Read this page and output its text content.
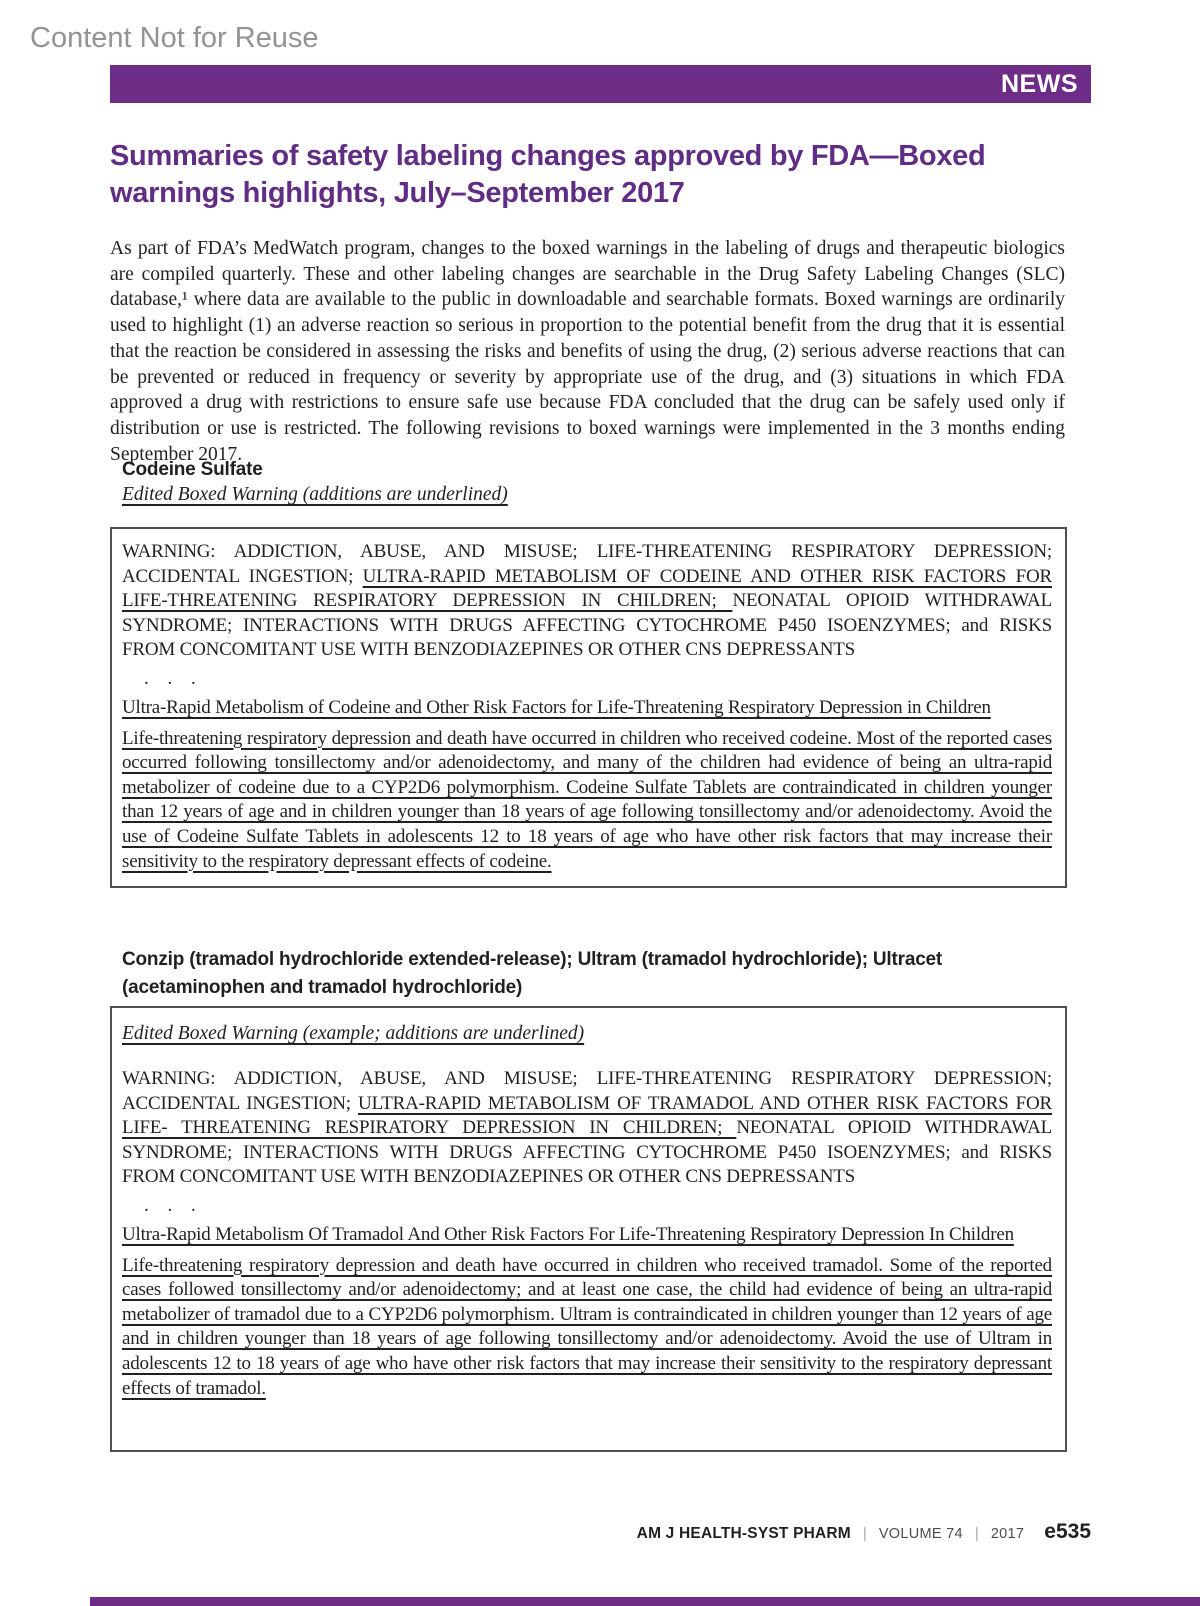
Content Not for Reuse
NEWS
Summaries of safety labeling changes approved by FDA—Boxed
warnings highlights, July–September 2017

As part of FDA’s MedWatch program, changes to the boxed warnings in the labeling of drugs and therapeutic biologics are compiled quarterly. These and other labeling changes are searchable in the Drug Safety Labeling Changes (SLC) database,¹ where data are available to the public in downloadable and searchable formats. Boxed warnings are ordinarily used to highlight (1) an adverse reaction so serious in proportion to the potential benefit from the drug that it is essential that the reaction be considered in assessing the risks and benefits of using the drug, (2) serious adverse reactions that can be prevented or reduced in frequency or severity by appropriate use of the drug, and (3) situations in which FDA approved a drug with restrictions to ensure safe use because FDA concluded that the drug can be safely used only if distribution or use is restricted. The following revisions to boxed warnings were implemented in the 3 months ending September 2017.

Codeine Sulfate

Edited Boxed Warning (additions are underlined)

WARNING: ADDICTION, ABUSE, AND MISUSE; LIFE-THREATENING RESPIRATORY DEPRESSION; ACCIDENTAL INGESTION; ULTRA-RAPID METABOLISM OF CODEINE AND OTHER RISK FACTORS FOR LIFE-THREATENING RESPIRATORY DEPRESSION IN CHILDREN; NEONATAL OPIOID WITHDRAWAL SYNDROME; INTERACTIONS WITH DRUGS AFFECTING CYTOCHROME P450 ISOENZYMES; and RISKS FROM CONCOMITANT USE WITH BENZODIAZEPINES OR OTHER CNS DEPRESSANTS

. . .

Ultra-Rapid Metabolism of Codeine and Other Risk Factors for Life-Threatening Respiratory Depression in Children

Life-threatening respiratory depression and death have occurred in children who received codeine. Most of the reported cases occurred following tonsillectomy and/or adenoidectomy, and many of the children had evidence of being an ultra-rapid metabolizer of codeine due to a CYP2D6 polymorphism. Codeine Sulfate Tablets are contraindicated in children younger than 12 years of age and in children younger than 18 years of age following tonsillectomy and/or adenoidectomy. Avoid the use of Codeine Sulfate Tablets in adolescents 12 to 18 years of age who have other risk factors that may increase their sensitivity to the respiratory depressant effects of codeine.

Conzip (tramadol hydrochloride extended-release); Ultram (tramadol hydrochloride); Ultracet (acetaminophen and tramadol hydrochloride)

Edited Boxed Warning (example; additions are underlined)

WARNING: ADDICTION, ABUSE, AND MISUSE; LIFE-THREATENING RESPIRATORY DEPRESSION; ACCIDENTAL INGESTION; ULTRA-RAPID METABOLISM OF TRAMADOL AND OTHER RISK FACTORS FOR LIFE- THREATENING RESPIRATORY DEPRESSION IN CHILDREN; NEONATAL OPIOID WITHDRAWAL SYNDROME; INTERACTIONS WITH DRUGS AFFECTING CYTOCHROME P450 ISOENZYMES; and RISKS FROM CONCOMITANT USE WITH BENZODIAZEPINES OR OTHER CNS DEPRESSANTS

. . .

Ultra-Rapid Metabolism Of Tramadol And Other Risk Factors For Life-Threatening Respiratory Depression In Children

Life-threatening respiratory depression and death have occurred in children who received tramadol. Some of the reported cases followed tonsillectomy and/or adenoidectomy; and at least one case, the child had evidence of being an ultra-rapid metabolizer of tramadol due to a CYP2D6 polymorphism. Ultram is contraindicated in children younger than 12 years of age and in children younger than 18 years of age following tonsillectomy and/or adenoidectomy. Avoid the use of Ultram in adolescents 12 to 18 years of age who have other risk factors that may increase their sensitivity to the respiratory depressant effects of tramadol.

AM J HEALTH-SYST PHARM | VOLUME 74 | 2017 e535
